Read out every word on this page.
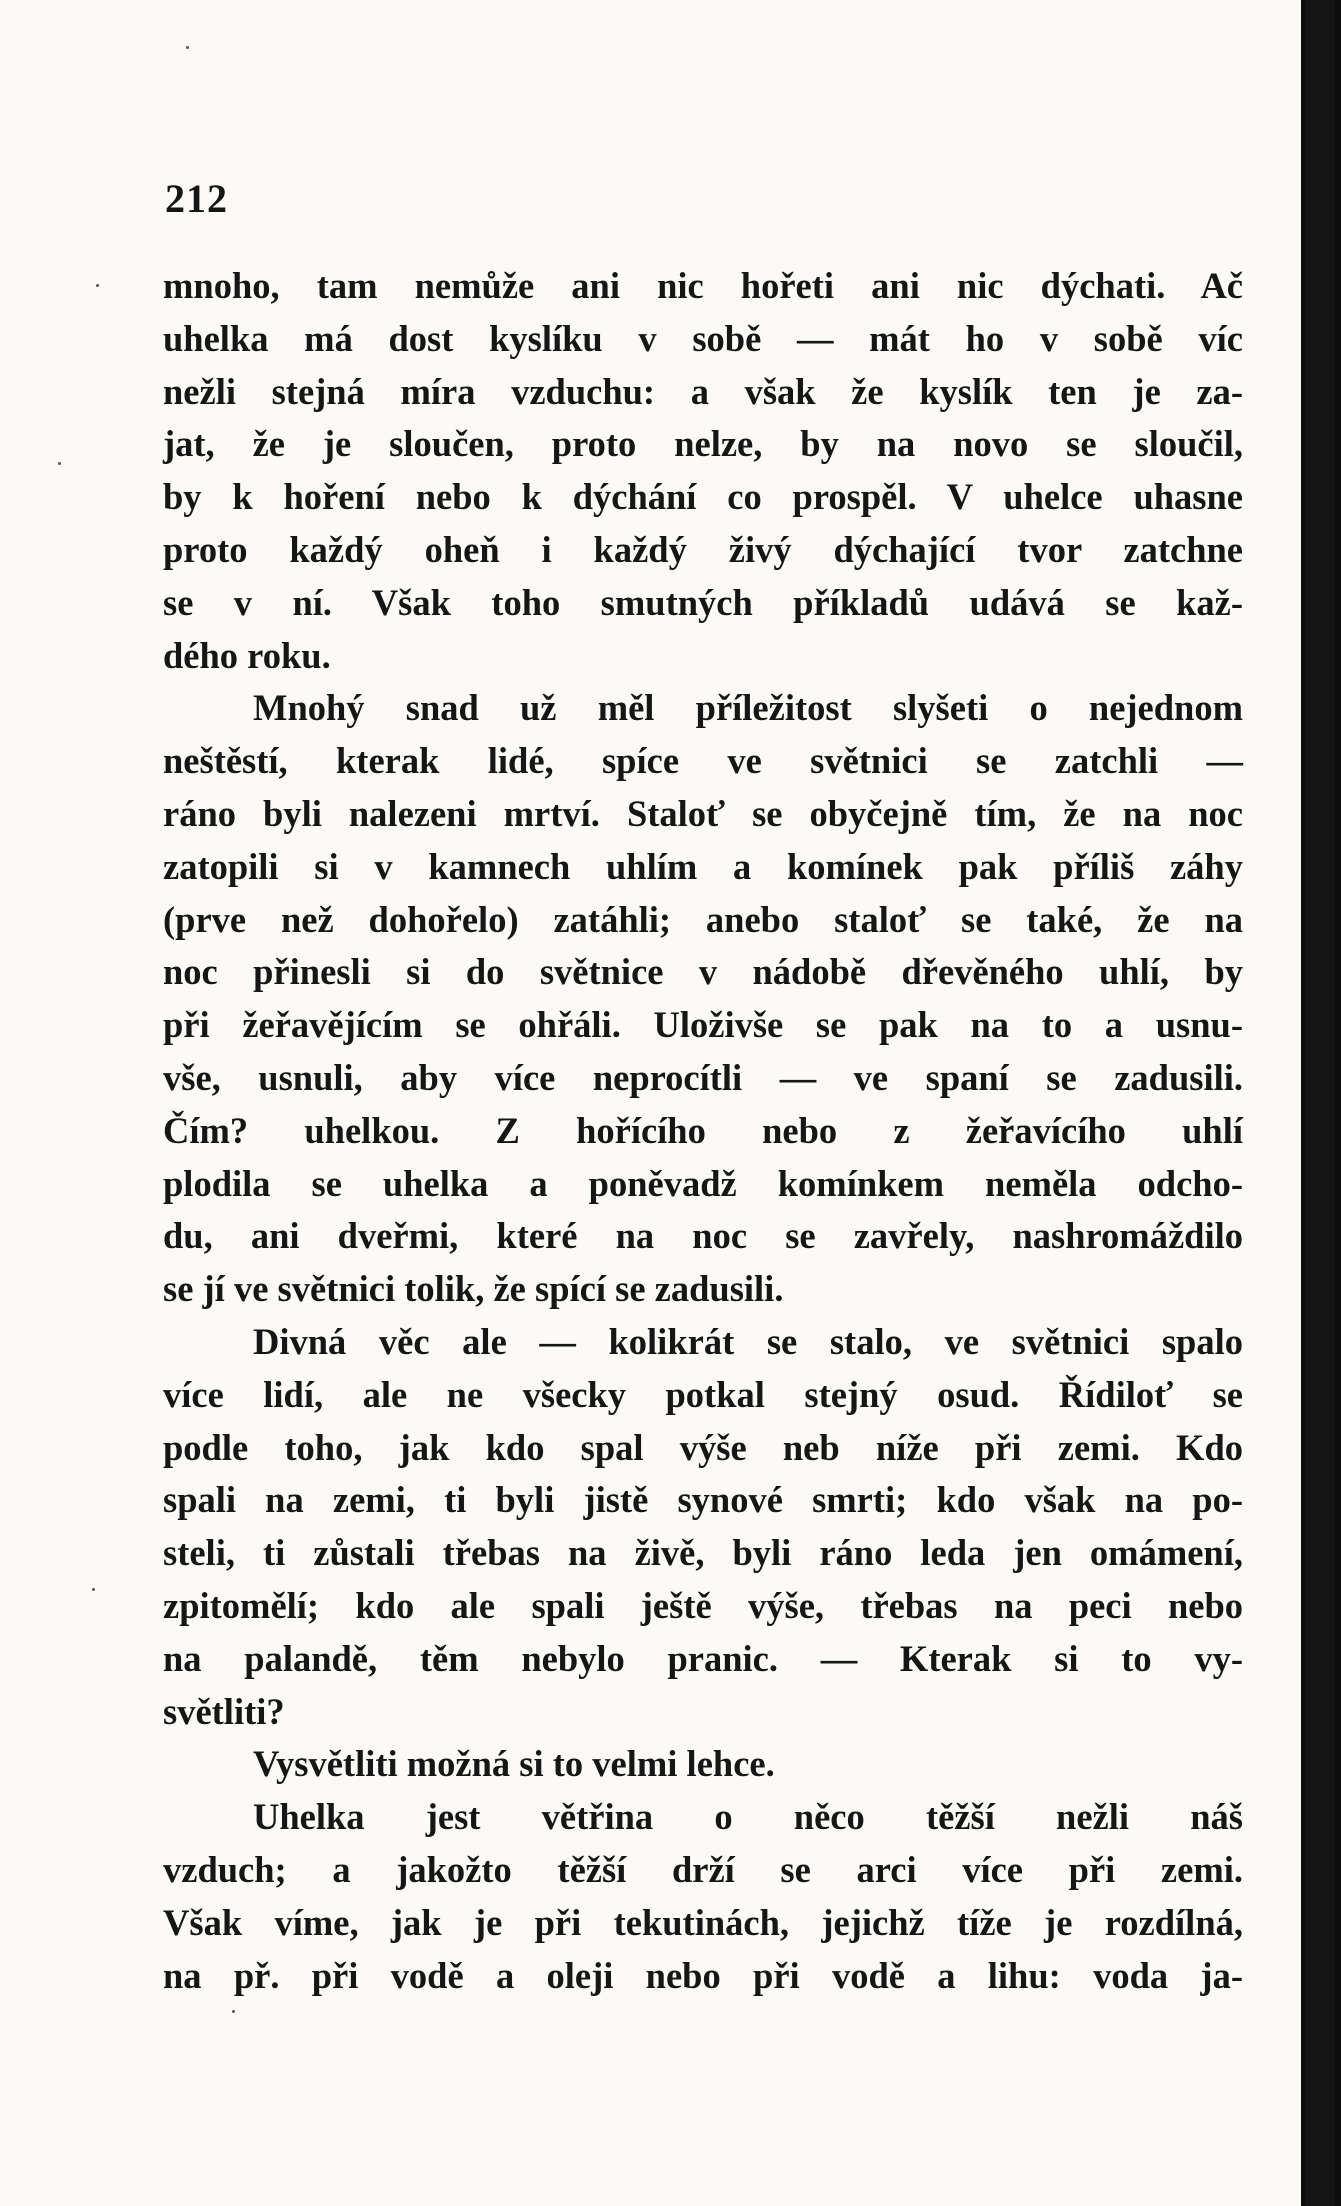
212
mnoho, tam nemůže ani nic hořeti ani nic dýchati. Ač
uhelka má dost kyslíku v sobě — mát ho v sobě víc
nežli stejná míra vzduchu: a však že kyslík ten je za-
jat, že je sloučen, proto nelze, by na novo se sloučil,
by k hoření nebo k dýchání co prospěl. V uhelce uhasne
proto každý oheň i každý živý dýchající tvor zatchne
se v ní. Však toho smutných příkladů udává se kaž-
dého roku.
Mnohý snad už měl příležitost slyšeti o nejednom
neštěstí, kterak lidé, spíce ve světnici se zatchli —
ráno byli nalezeni mrtví. Staloť se obyčejně tím, že na noc
zatopili si v kamnech uhlím a komínek pak příliš záhy
(prve než dohořelo) zatáhli; anebo staloť se také, že na
noc přinesli si do světnice v nádobě dřevěného uhlí, by
při žeřavějícím se ohřáli. Uloživše se pak na to a usnu-
vše, usnuli, aby více neprocítli — ve spaní se zadusili.
Čím? uhelkou. Z hořícího nebo z žeřavícího uhlí
plodila se uhelka a poněvadž komínkem neměla odcho-
du, ani dveřmi, které na noc se zavřely, nashromáždilo
se jí ve světnici tolik, že spící se zadusili.
Divná věc ale — kolikrát se stalo, ve světnici spalo
více lidí, ale ne všecky potkal stejný osud. Řídiloť se
podle toho, jak kdo spal výše neb níže při zemi. Kdo
spali na zemi, ti byli jistě synové smrti; kdo však na po-
steli, ti zůstali třebas na živě, byli ráno leda jen omámení,
zpitomělí; kdo ale spali ještě výše, třebas na peci nebo
na palandě, těm nebylo pranic. — Kterak si to vy-
světliti?
Vysvětliti možná si to velmi lehce.
Uhelka jest větřina o něco těžší nežli náš
vzduch; a jakožto těžší drží se arci více při zemi.
Však víme, jak je při tekutinách, jejichž tíže je rozdílná,
na př. při vodě a oleji nebo při vodě a lihu: voda ja-
